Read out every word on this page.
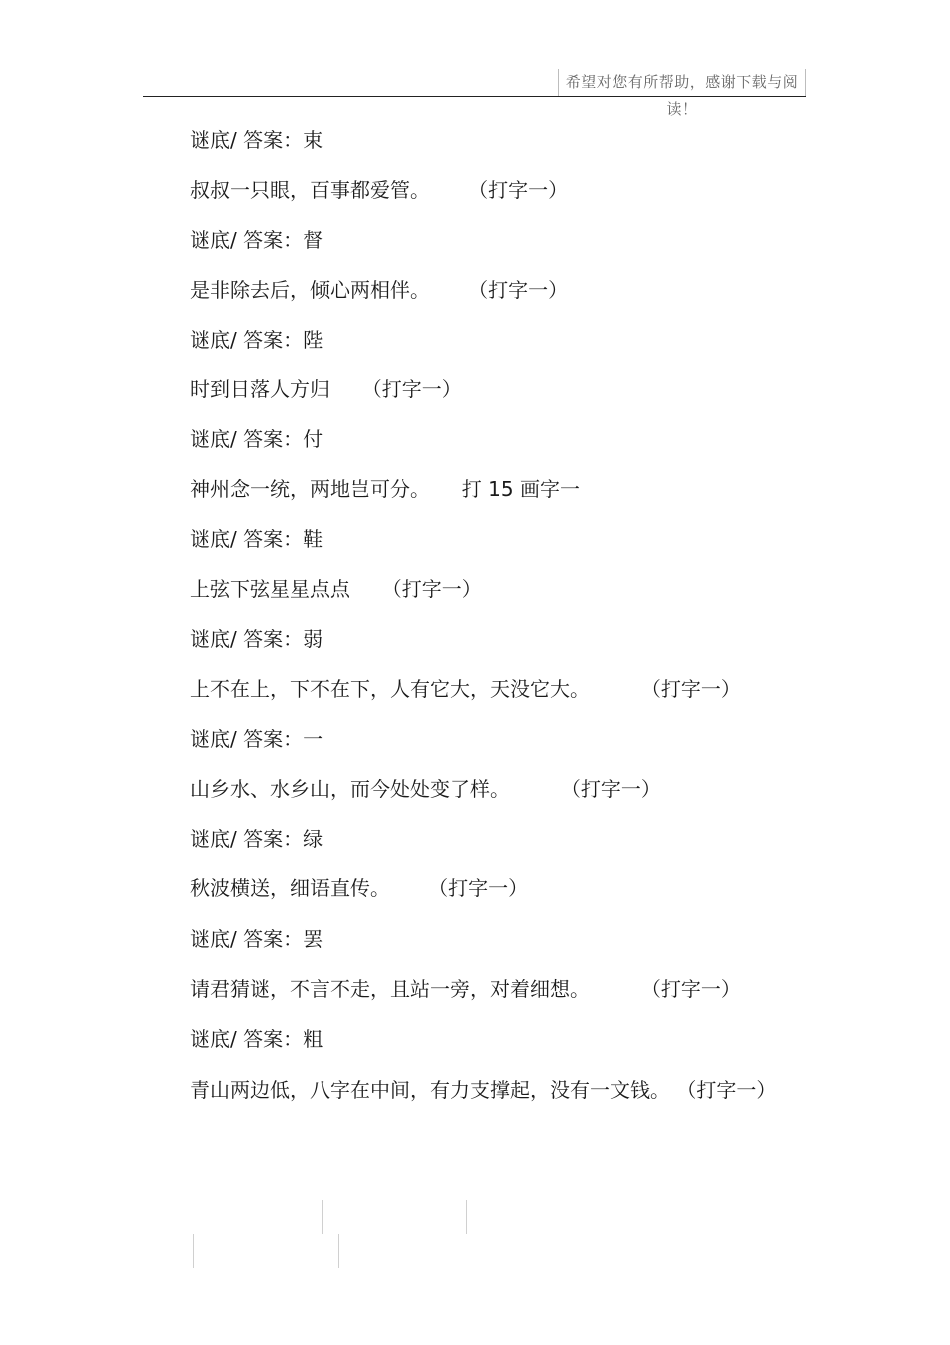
希望对您有所帮助，感谢下载与阅读！
谜底/ 答案：束
叔叔一只眼，百事都爱管。      （打字一）
谜底/ 答案：督
是非除去后，倾心两相伴。      （打字一）
谜底/ 答案：陛
时到日落人方归     （打字一）
谜底/ 答案：付
神州念一统，两地岂可分。     打 15 画字一
谜底/ 答案：鞋
上弦下弦星星点点     （打字一）
谜底/ 答案：弱
上不在上，下不在下，人有它大，天没它大。        （打字一）
谜底/ 答案：一
山乡水、水乡山，而今处处变了样。        （打字一）
谜底/ 答案：绿
秋波横送，细语直传。      （打字一）
谜底/ 答案：罢
请君猜谜，不言不走，且站一旁，对着细想。        （打字一）
谜底/ 答案：粗
青山两边低，八字在中间，有力支撑起，没有一文钱。 （打字一）
